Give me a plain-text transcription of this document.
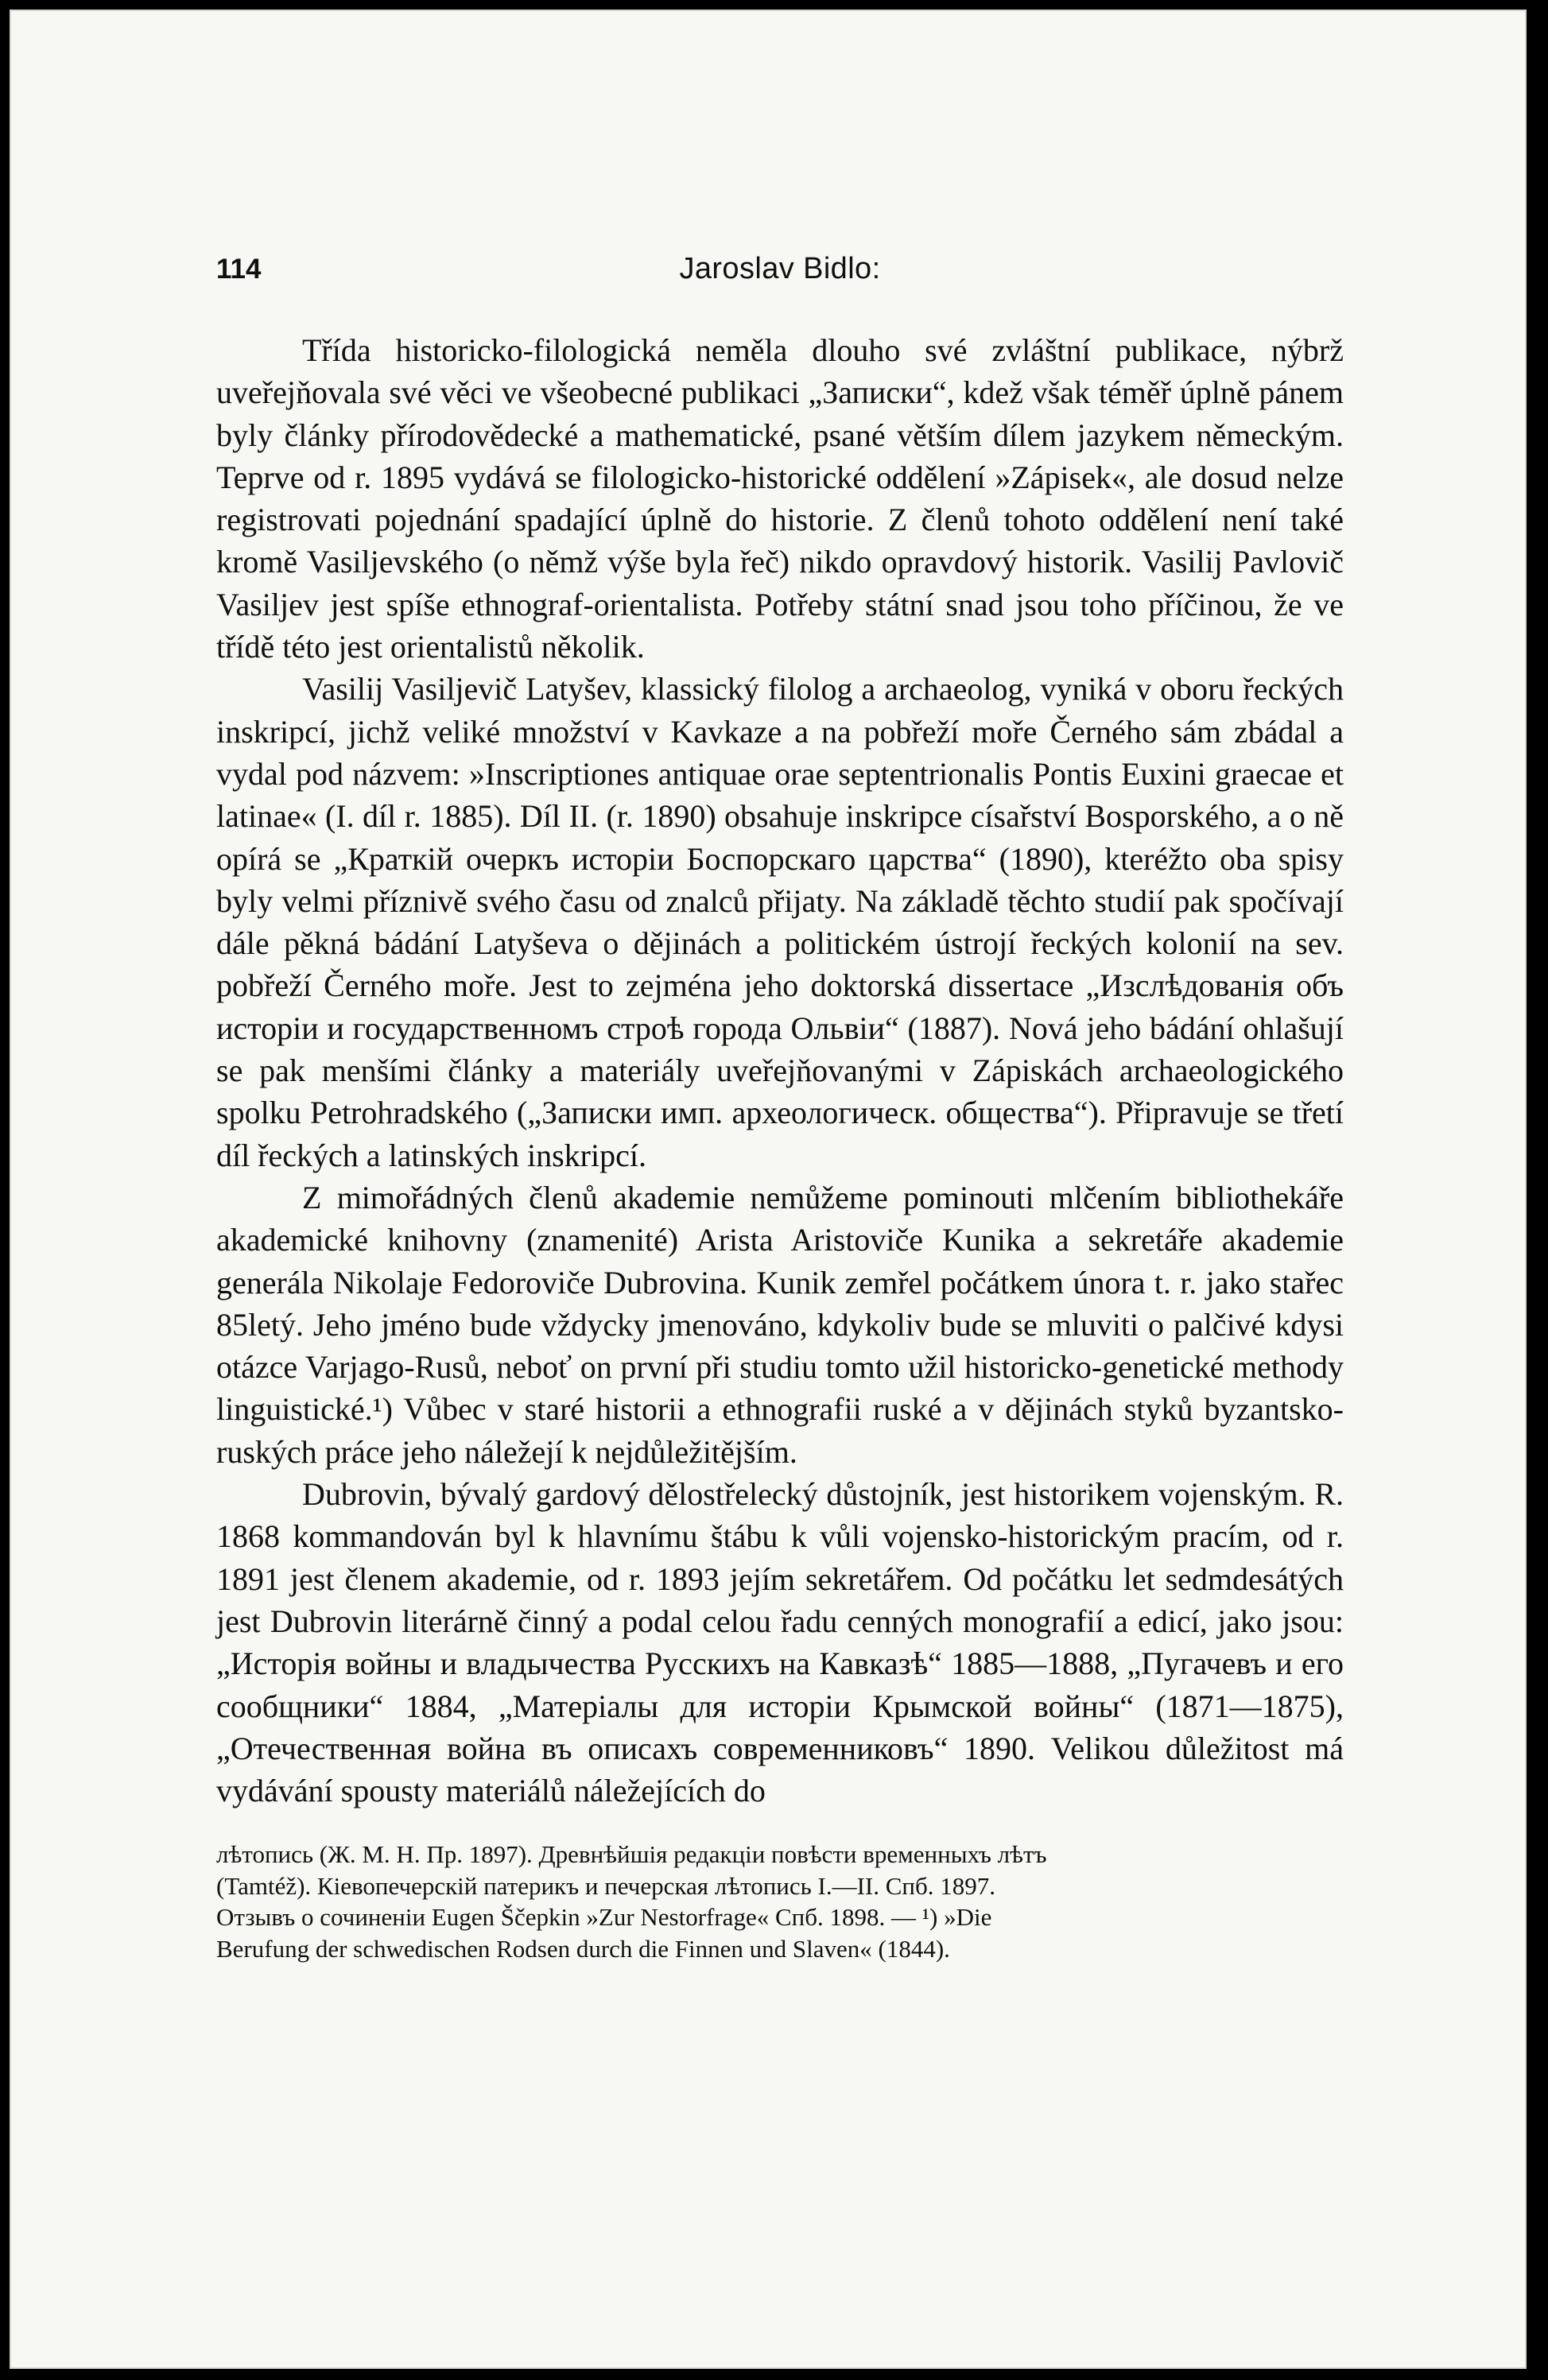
114	Jaroslav Bidlo:

Třída historicko-filologická neměla dlouho své zvláštní publikace, nýbrž uveřejňovala své věci ve všeobecné publikaci „Записки“, kdež však téměř úplně pánem byly články přírodovědecké a mathematické, psané větším dílem jazykem německým. Teprve od r. 1895 vydává se filologicko-historické oddělení »Zápisek«, ale dosud nelze registrovati pojednání spadající úplně do historie. Z členů tohoto oddělení není také kromě Vasiljevského (o němž výše byla řeč) nikdo opravdový historik. Vasilij Pavlovič Vasiljev jest spíše ethnograf-orientalista. Potřeby státní snad jsou toho příčinou, že ve třídě této jest orientalistů několik.

Vasilij Vasiljevič Latyšev, klassický filolog a archaeolog, vyniká v oboru řeckých inskripcí, jichž veliké množství v Kavkaze a na pobřeží moře Černého sám zbádal a vydal pod názvem: »Inscriptiones antiquae orae septentrionalis Pontis Euxini graecae et latinae« (I. díl r. 1885). Díl II. (r. 1890) obsahuje inskripce císařství Bosporského, a o ně opírá se „Краткій очеркъ исторіи Боспорскаго царства“ (1890), kteréžto oba spisy byly velmi příznivě svého času od znalců přijaty. Na základě těchto studií pak spočívají dále pěkná bádání Latyševa o dějinách a politickém ústrojí řeckých kolonií na sev. pobřeží Černého moře. Jest to zejména jeho doktorská dissertace „Изслѣдованія объ исторіи и государственномъ строѣ города Ольвіи“ (1887). Nová jeho bádání ohlašují se pak menšími články a materiály uveřejňovanými v Zápiskách archaeologického spolku Petrohradského („Записки имп. археологическ. общества“). Připravuje se třetí díl řeckých a latinských inskripcí.

Z mimořádných členů akademie nemůžeme pominouti mlčením bibliothekáře akademické knihovny (znamenité) Arista Aristoviče Kunika a sekretáře akademie generála Nikolaje Fedoroviče Dubrovina. Kunik zemřel počátkem února t. r. jako stařec 85letý. Jeho jméno bude vždycky jmenováno, kdykoliv bude se mluviti o palčivé kdysi otázce Varjago-Rusů, neboť on první při studiu tomto užil historicko-genetické methody linguistické.¹) Vůbec v staré historii a ethnografii ruské a v dějinách styků byzantsko-ruských práce jeho náležejí k nejdůležitějším.

Dubrovin, bývalý gardový dělostřelecký důstojník, jest historikem vojenským. R. 1868 kommandován byl k hlavnímu štábu k vůli vojensko-historickým pracím, od r. 1891 jest členem akademie, od r. 1893 jejím sekretářem. Od počátku let sedmdesátých jest Dubrovin literárně činný a podal celou řadu cenných monografií a edicí, jako jsou: „Исторія войны и владычества Русскихъ на Кавказѣ“ 1885—1888, „Пугачевъ и его сообщники“ 1884, „Матеріалы для исторіи Крымской войны“ (1871—1875), „Отечественная война въ описахъ современниковъ“ 1890. Velikou důležitost má vydávání spousty materiálů náležejících do

лѣтопись (Ж. М. Н. Пр. 1897). Древнѣйшія редакціи повѣсти временныхъ лѣтъ
(Tamtéž). Кіевопечерскій патерикъ и печерская лѣтопись I.—II. Спб. 1897.
Отзывъ о сочиненіи Eugen Ščepkin »Zur Nestorfrage« Спб. 1898. — ¹) »Die
Berufung der schwedischen Rodsen durch die Finnen und Slaven« (1844).
